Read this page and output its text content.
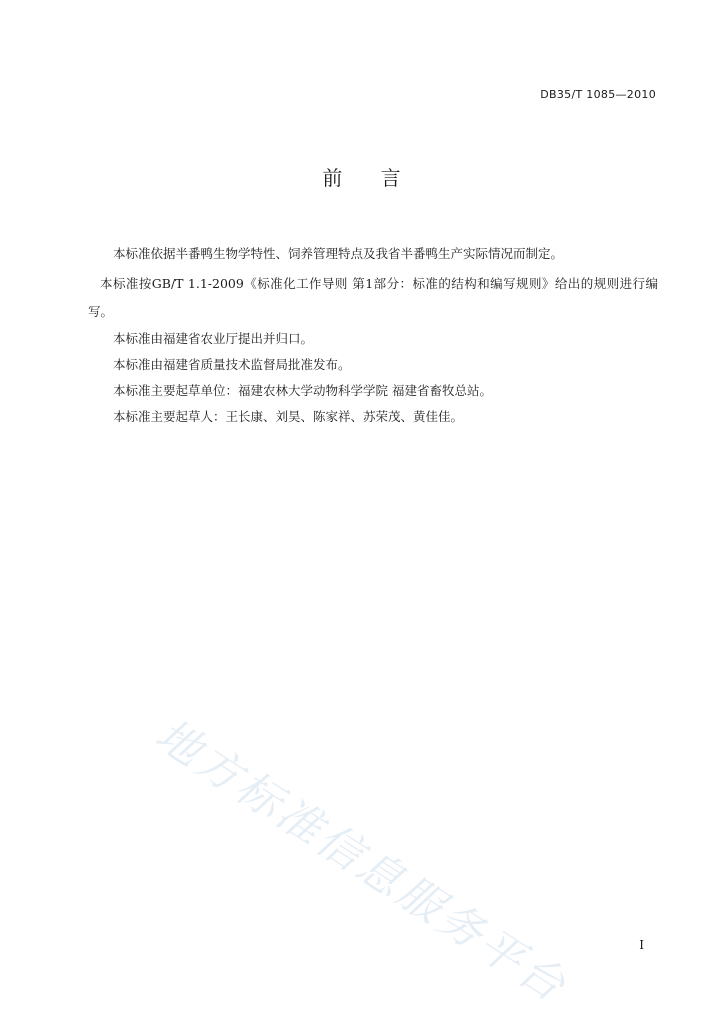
DB35/T 1085—2010
前 言
本标准依据半番鸭生物学特性、饲养管理特点及我省半番鸭生产实际情况而制定。
本标准按GB/T 1.1-2009《标准化工作导则 第1部分：标准的结构和编写规则》给出的规则进行编写。
本标准由福建省农业厅提出并归口。
本标准由福建省质量技术监督局批准发布。
本标准主要起草单位：福建农林大学动物科学学院 福建省畜牧总站。
本标准主要起草人：王长康、刘昊、陈家祥、苏荣茂、黄佳佳。
地方标准信息服务平台	I
